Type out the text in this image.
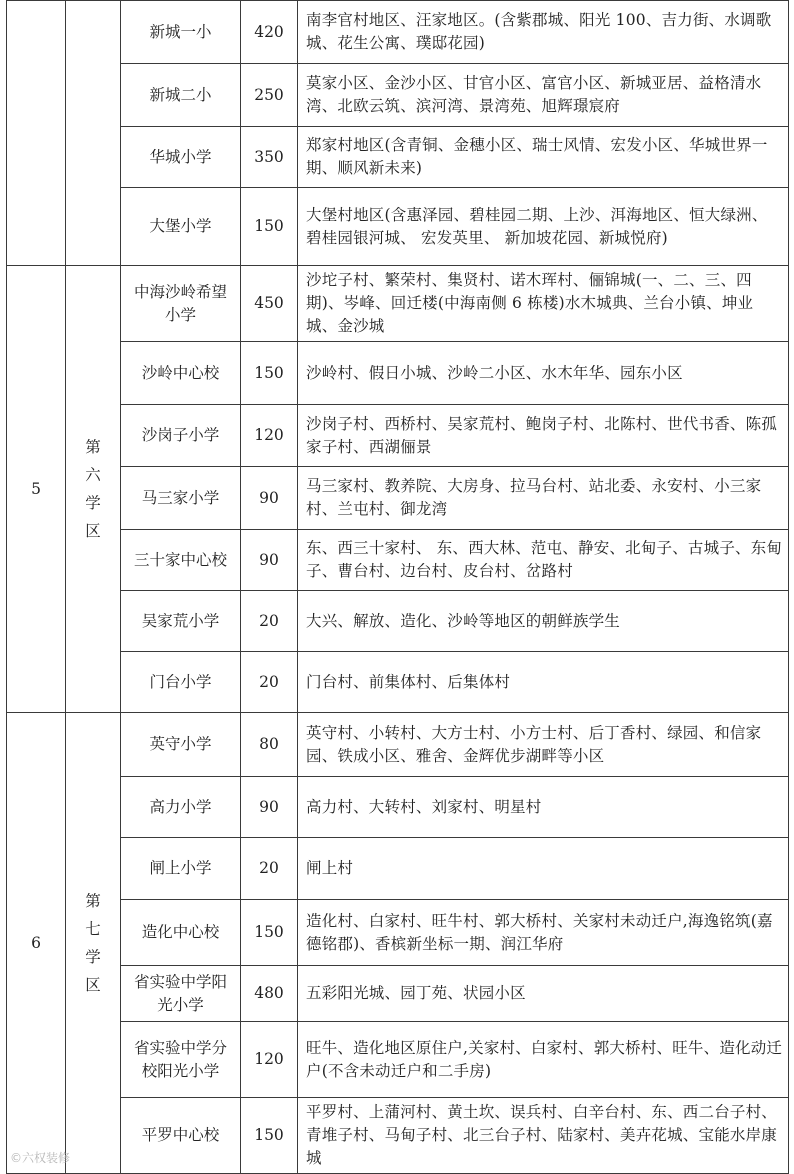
		新城一小	420	南李官村地区、汪家地区。(含紫郡城、阳光 100、吉力街、水调歌城、花生公寓、璞邸花园)
		新城二小	250	莫家小区、金沙小区、甘官小区、富官小区、新城亚居、益格清水湾、北欧云筑、滨河湾、景湾苑、旭辉璟宸府
		华城小学	350	郑家村地区(含青铜、金穗小区、瑞士风情、宏发小区、华城世界一期、顺风新未来)
		大堡小学	150	大堡村地区(含惠泽园、碧桂园二期、上沙、洱海地区、恒大绿洲、 碧桂园银河城、 宏发英里、 新加坡花园、新城悦府)
5	第六学区	中海沙岭希望小学	450	沙坨子村、繁荣村、集贤村、诺木珲村、俪锦城(一、二、三、四期)、岑峰、回迁楼(中海南侧 6 栋楼)水木城典、兰台小镇、坤业城、金沙城
		沙岭中心校	150	沙岭村、假日小城、沙岭二小区、水木年华、园东小区
		沙岗子小学	120	沙岗子村、西桥村、吴家荒村、鲍岗子村、北陈村、世代书香、陈孤家子村、西湖俪景
		马三家小学	90	马三家村、教养院、大房身、拉马台村、站北委、永安村、小三家村、兰屯村、御龙湾
		三十家中心校	90	东、西三十家村、 东、西大林、范屯、静安、北甸子、古城子、东甸子、曹台村、边台村、皮台村、岔路村
		吴家荒小学	20	大兴、解放、造化、沙岭等地区的朝鲜族学生
		门台小学	20	门台村、前集体村、后集体村
6	第七学区	英守小学	80	英守村、小转村、大方士村、小方士村、后丁香村、绿园、和信家园、铁成小区、雅舍、金辉优步湖畔等小区
		高力小学	90	高力村、大转村、刘家村、明星村
		闸上小学	20	闸上村
		造化中心校	150	造化村、白家村、旺牛村、郭大桥村、关家村未动迁户,海逸铭筑(嘉德铭郡)、香槟新坐标一期、润江华府
		省实验中学阳光小学	480	五彩阳光城、园丁苑、状园小区
		省实验中学分校阳光小学	120	旺牛、造化地区原住户,关家村、白家村、郭大桥村、旺牛、造化动迁户(不含未动迁户和二手房)
		平罗中心校	150	平罗村、上蒲河村、黄土坎、误兵村、白辛台村、东、西二台子村、青堆子村、马甸子村、北三台子村、陆家村、美卉花城、宝能水岸康城
©六权装修
